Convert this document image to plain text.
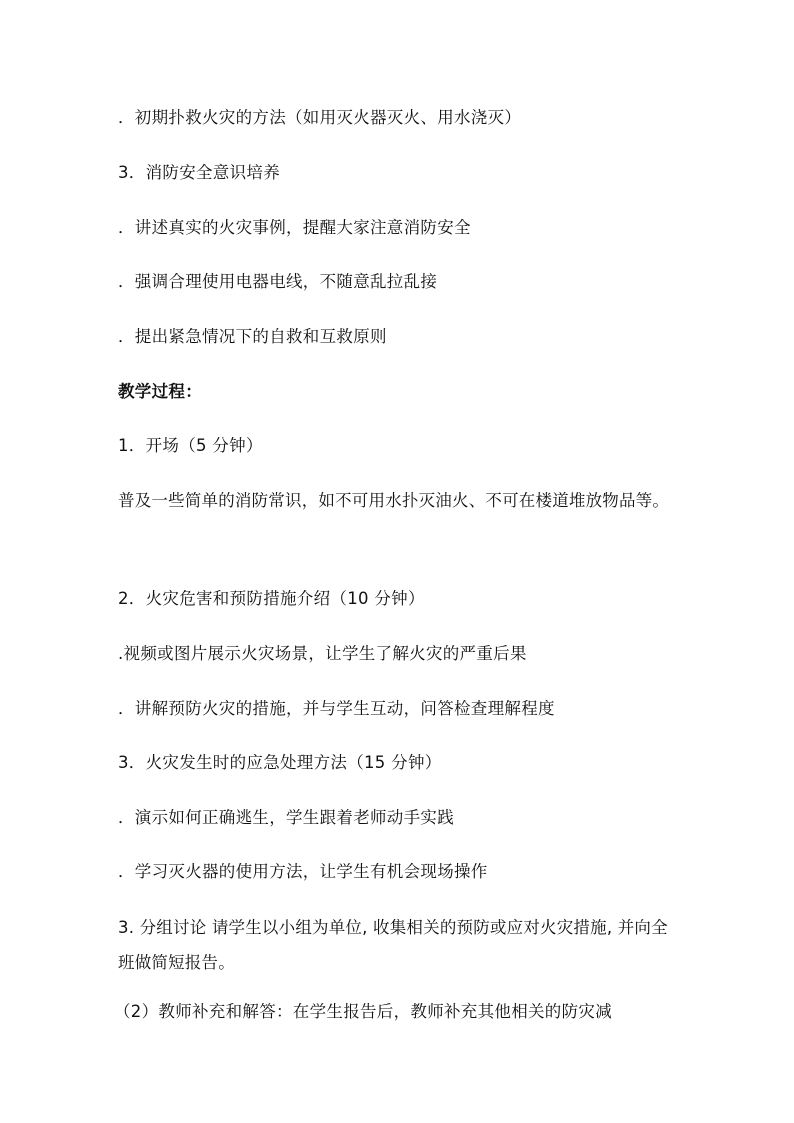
．初期扑救火灾的方法（如用灭火器灭火、用水浇灭）
3．消防安全意识培养
．讲述真实的火灾事例，提醒大家注意消防安全
．强调合理使用电器电线，不随意乱拉乱接
．提出紧急情况下的自救和互救原则
教学过程：
1．开场（5 分钟）
普及一些简单的消防常识，如不可用水扑灭油火、不可在楼道堆放物品等。
2．火灾危害和预防措施介绍（10 分钟）
.视频或图片展示火灾场景，让学生了解火灾的严重后果
．讲解预防火灾的措施，并与学生互动，问答检查理解程度
3．火灾发生时的应急处理方法（15 分钟）
．演示如何正确逃生，学生跟着老师动手实践
．学习灭火器的使用方法，让学生有机会现场操作
3. 分组讨论 请学生以小组为单位, 收集相关的预防或应对火灾措施, 并向全班做简短报告。
（2）教师补充和解答：在学生报告后，教师补充其他相关的防灾减
